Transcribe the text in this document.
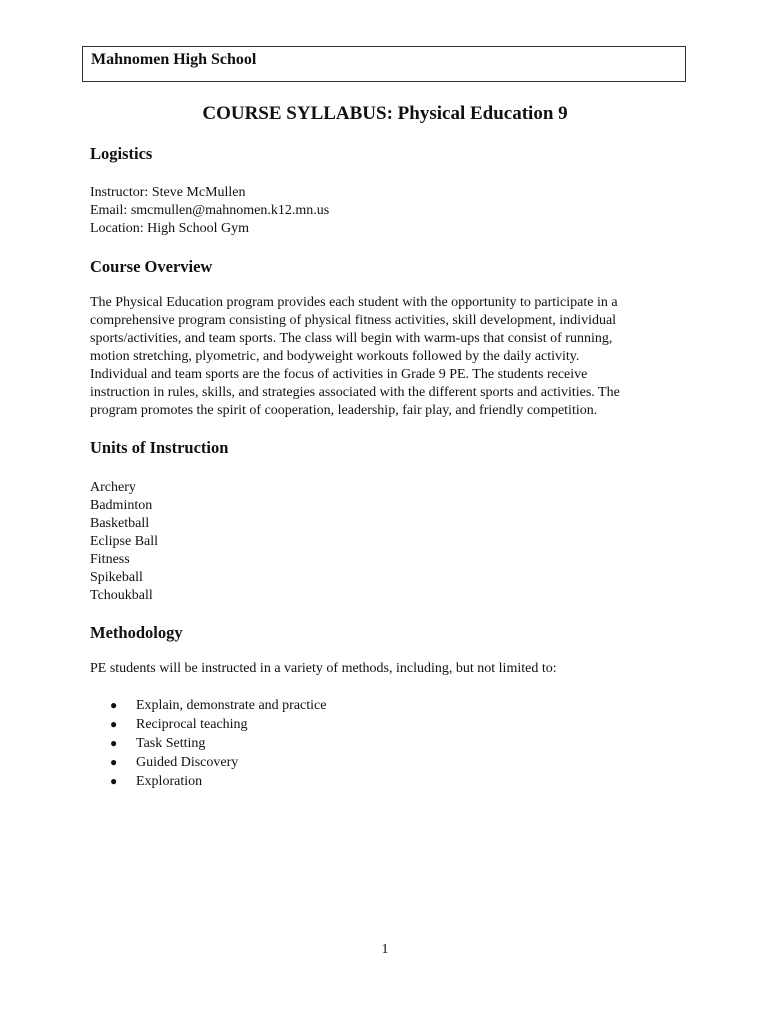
Mahnomen High School
COURSE SYLLABUS: Physical Education 9
Logistics
Instructor: Steve McMullen
Email: smcmullen@mahnomen.k12.mn.us
Location: High School Gym
Course Overview
The Physical Education program provides each student with the opportunity to participate in a
comprehensive program consisting of physical fitness activities, skill development, individual
sports/activities, and team sports. The class will begin with warm-ups that consist of running,
motion stretching, plyometric, and bodyweight workouts followed by the daily activity.
Individual and team sports are the focus of activities in Grade 9 PE. The students receive
instruction in rules, skills, and strategies associated with the different sports and activities. The
program promotes the spirit of cooperation, leadership, fair play, and friendly competition.
Units of Instruction
Archery
Badminton
Basketball
Eclipse Ball
Fitness
Spikeball
Tchoukball
Methodology
PE students will be instructed in a variety of methods, including, but not limited to:
● Explain, demonstrate and practice
● Reciprocal teaching
● Task Setting
● Guided Discovery
● Exploration
1
